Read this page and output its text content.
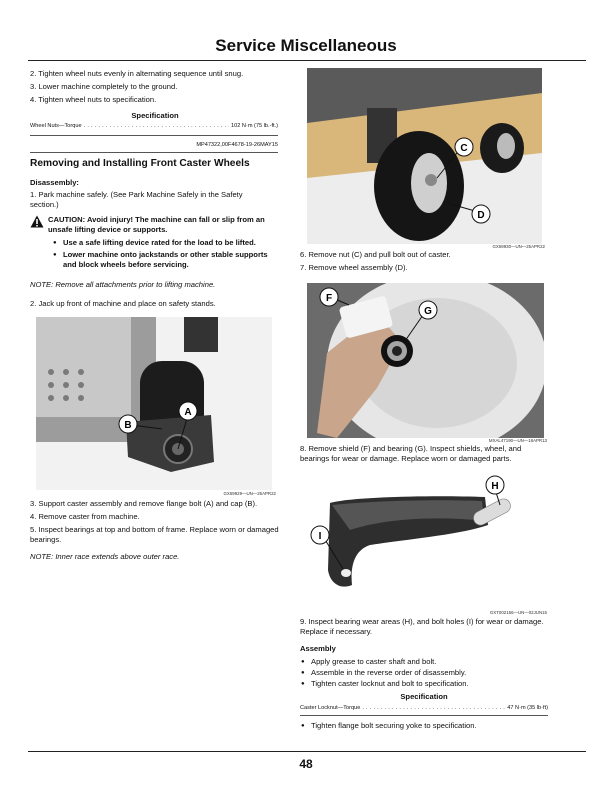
Service Miscellaneous
2. Tighten wheel nuts evenly in alternating sequence until snug.
3. Lower machine completely to the ground.
4. Tighten wheel nuts to specification.
Specification
Wheel Nuts—Torque . . .	102 N·m (75 lb.-ft.)
MP47322,00F4678-19-26MAY15
Removing and Installing Front Caster Wheels
Disassembly:
1. Park machine safely. (See Park Machine Safely in the Safety section.)
CAUTION: Avoid injury! The machine can fall or slip from an unsafe lifting device or supports.
● Use a safe lifting device rated for the load to be lifted.
● Lower machine onto jackstands or other stable supports and block wheels before servicing.
NOTE: Remove all attachments prior to lifting machine.
2. Jack up front of machine and place on safety stands.
A
B
GX59929—UN—25APR22
3. Support caster assembly and remove flange bolt (A) and cap (B).
4. Remove caster from machine.
5. Inspect bearings at top and bottom of frame. Replace worn or damaged bearings.
NOTE: Inner race extends above outer race.
C
D
GX59930—UN—25APR22
6. Remove nut (C) and pull bolt out of caster.
7. Remove wheel assembly (D).
F
G
MXAL47190—UN—18APR13
8. Remove shield (F) and bearing (G). Inspect shields, wheel, and bearings for wear or damage. Replace worn or damaged parts.
H
I
GXT002156—UN—02JUN15
9. Inspect bearing wear areas (H), and bolt holes (I) for wear or damage. Replace if necessary.
Assembly
● Apply grease to caster shaft and bolt.
● Assemble in the reverse order of disassembly.
● Tighten caster locknut and bolt to specification.
Specification
Caster Locknut—Torque . . .	47 N·m (35 lb·ft)
● Tighten flange bolt securing yoke to specification.
48
